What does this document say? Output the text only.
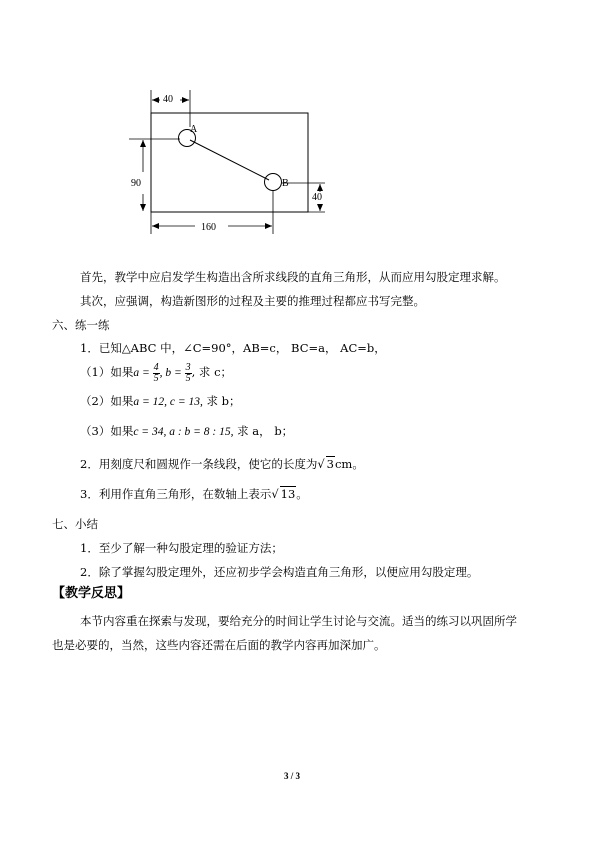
40
A
B
90
40
160
首先，教学中应启发学生构造出含所求线段的直角三角形，从而应用勾股定理求解。
其次，应强调，构造新图形的过程及主要的推理过程都应书写完整。
六、练一练
1．已知△ABC 中，∠C=90°，AB=c， BC=a， AC=b，
（1）如果$a = \frac{4}{5}$ , $b = \frac{3}{5}$ , 求 c；
（2）如果a = 12, c = 13, 求 b；
（3）如果c = 34, a : b = 8 : 15, 求 a， b；
2．用刻度尺和圆规作一条线段，使它的长度为√ 3cm。
3．利用作直角三角形，在数轴上表示√ 13。
七、小结
1．至少了解一种勾股定理的验证方法；
2．除了掌握勾股定理外，还应初步学会构造直角三角形，以便应用勾股定理。
【教学反思】
本节内容重在探索与发现，要给充分的时间让学生讨论与交流。适当的练习以巩固所学
也是必要的，当然，这些内容还需在后面的教学内容再加深加广。
3 / 3
